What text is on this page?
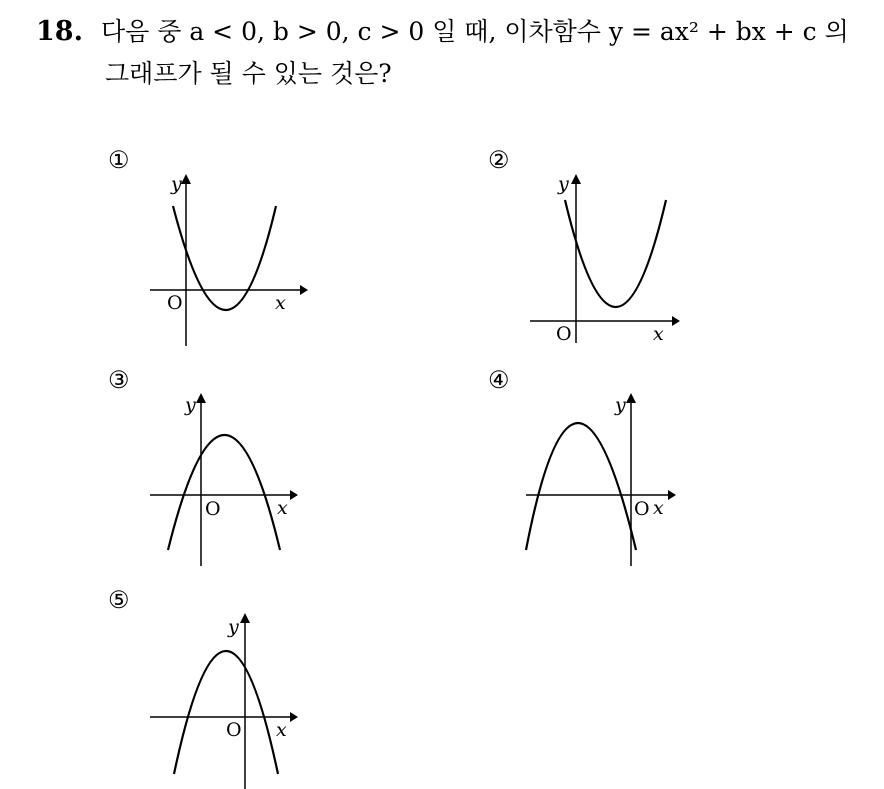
18. 다음 중 a < 0, b > 0, c > 0 일 때, 이차함수 y = ax² + bx + c 의
그래프가 될 수 있는 것은?
①
y
x
O
②
y
x
O
③
y
x
O
④
y
x
O
⑤
y
x
O
